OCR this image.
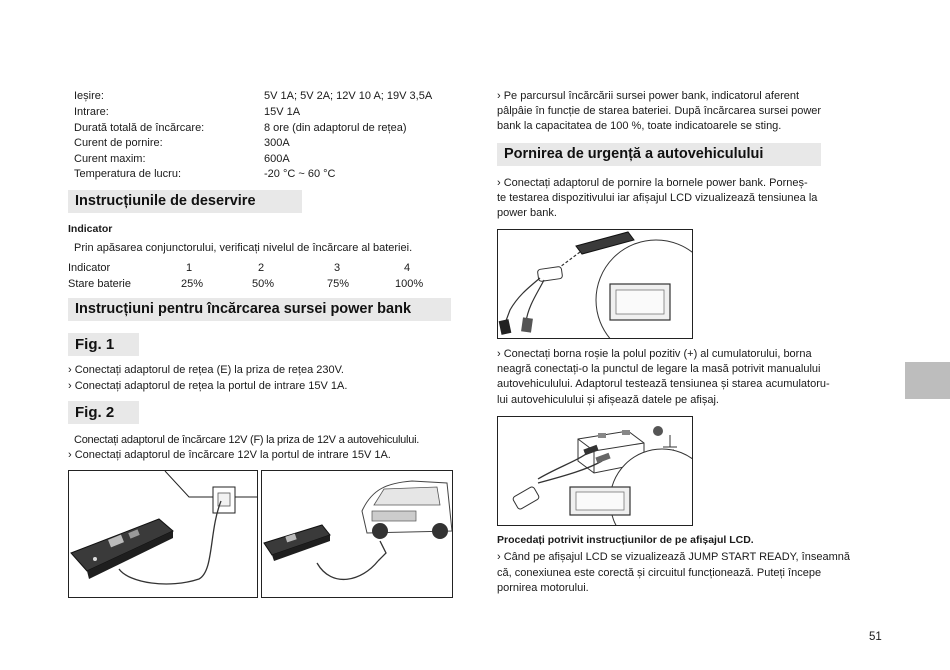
Ieșire:	5V 1A; 5V 2A; 12V 10 A; 19V 3,5A
Intrare:	15V 1A
Durată totală de încărcare:	8 ore (din adaptorul de rețea)
Curent de pornire:	300A
Curent maxim:	600A
Temperatura de lucru:	-20 °C ~ 60 °C
Instrucțiunile de deservire
Indicator
Prin apăsarea conjunctorului, verificați nivelul de încărcare al bateriei.
Indicator	1	2	3	4
Stare baterie	25%	50%	75%	100%
Instrucțiuni pentru încărcarea sursei power bank
Fig. 1
› Conectați adaptorul de rețea (E) la priza de rețea 230V.
› Conectați adaptorul de rețea la portul de intrare 15V 1A.
Fig. 2
Conectați adaptorul de încărcare 12V (F) la priza de 12V a autovehiculului.
› Conectați adaptorul de încărcare 12V la portul de intrare 15V 1A.
› Pe parcursul încărcării sursei power bank, indicatorul aferent
pâlpâie în funcție de starea bateriei. După încărcarea sursei power
bank la capacitatea de 100 %, toate indicatoarele se sting.
Pornirea de urgență a autovehiculului
› Conectați adaptorul de pornire la bornele power bank. Porneș-
te testarea dispozitivului iar afișajul LCD vizualizează tensiunea la
power bank.
› Conectați borna roșie la polul pozitiv (+) al cumulatorului, borna
neagră conectați-o la punctul de legare la masă potrivit manualului
autovehiculului. Adaptorul testează tensiunea și starea acumulatoru-
lui autovehiculului și afișează datele pe afișaj.
Procedați potrivit instrucțiunilor de pe afișajul LCD.
› Când pe afișajul LCD se vizualizează JUMP START READY, înseamnă
că, conexiunea este corectă și circuitul funcționează. Puteți începe
pornirea motorului.
51
